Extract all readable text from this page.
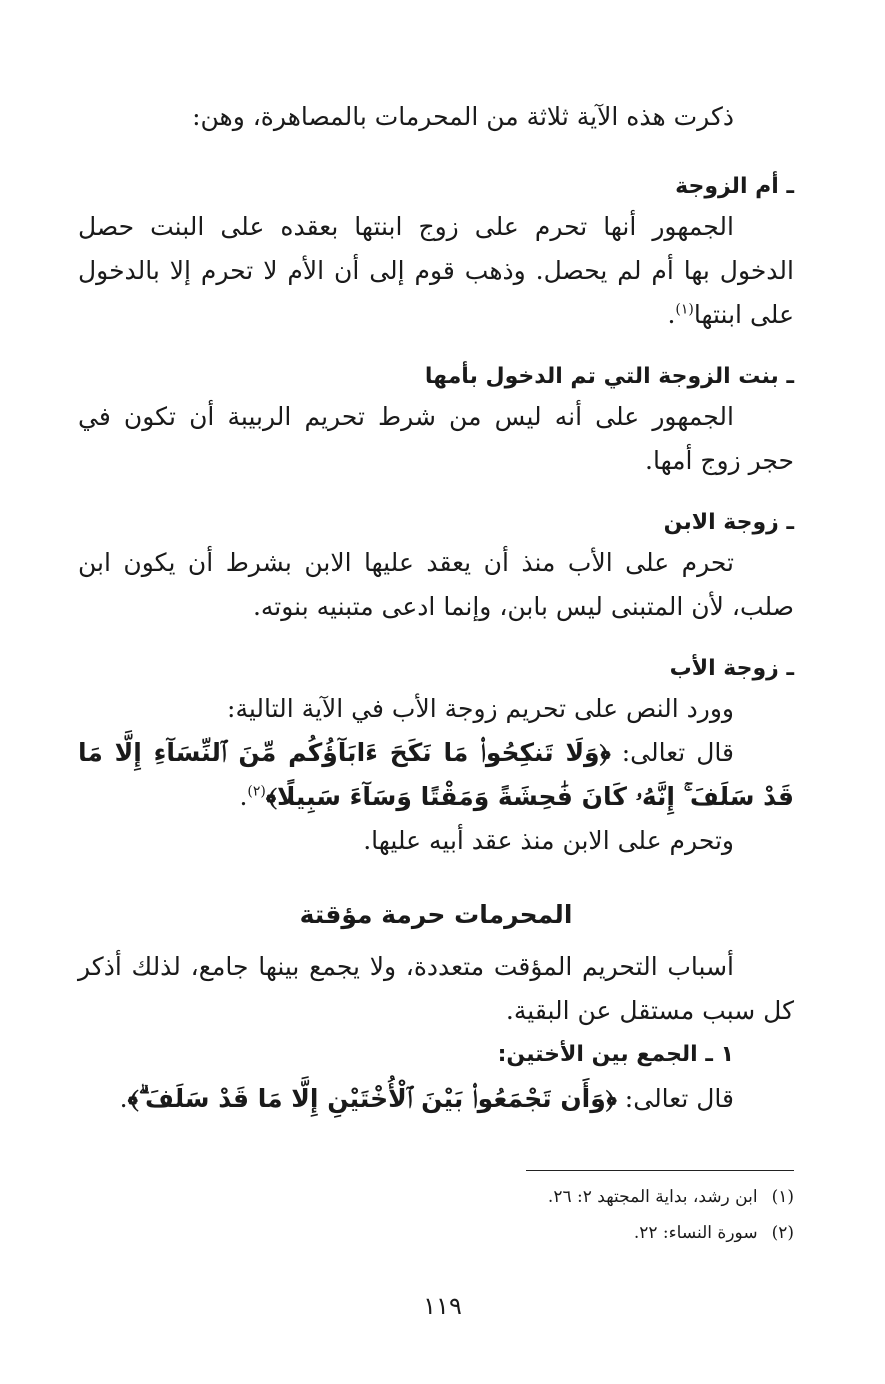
ذكرت هذه الآية ثلاثة من المحرمات بالمصاهرة، وهن:

ـ أم الزوجة

الجمهور أنها تحرم على زوج ابنتها بعقده على البنت حصل الدخول بها أم لم يحصل. وذهب قوم إلى أن الأم لا تحرم إلا بالدخول على ابنتها$^{(١)}$.

ـ بنت الزوجة التي تم الدخول بأمها

الجمهور على أنه ليس من شرط تحريم الربيبة أن تكون في حجر زوج أمها.

ـ زوجة الابن

تحرم على الأب منذ أن يعقد عليها الابن بشرط أن يكون ابن صلب، لأن المتبنى ليس بابن، وإنما ادعى متبنيه بنوته.

ـ زوجة الأب

وورد النص على تحريم زوجة الأب في الآية التالية:

قال تعالى: ﴿وَلَا تَنكِحُوا۟ مَا نَكَحَ ءَابَآؤُكُم مِّنَ ٱلنِّسَآءِ إِلَّا مَا قَدْ سَلَفَ ۚ إِنَّهُۥ كَانَ فَٰحِشَةً وَمَقْتًا وَسَآءَ سَبِيلًا﴾$^{(٢)}$.

وتحرم على الابن منذ عقد أبيه عليها.

المحرمات حرمة مؤقتة

أسباب التحريم المؤقت متعددة، ولا يجمع بينها جامع، لذلك أذكر كل سبب مستقل عن البقية.

١ ـ الجمع بين الأختين:

قال تعالى: ﴿وَأَن تَجْمَعُوا۟ بَيْنَ ٱلْأُخْتَيْنِ إِلَّا مَا قَدْ سَلَفَ ۗ﴾.

(١)ابن رشد، بداية المجتهد ٢: ٢٦.

(٢)سورة النساء: ٢٢.

١١٩
